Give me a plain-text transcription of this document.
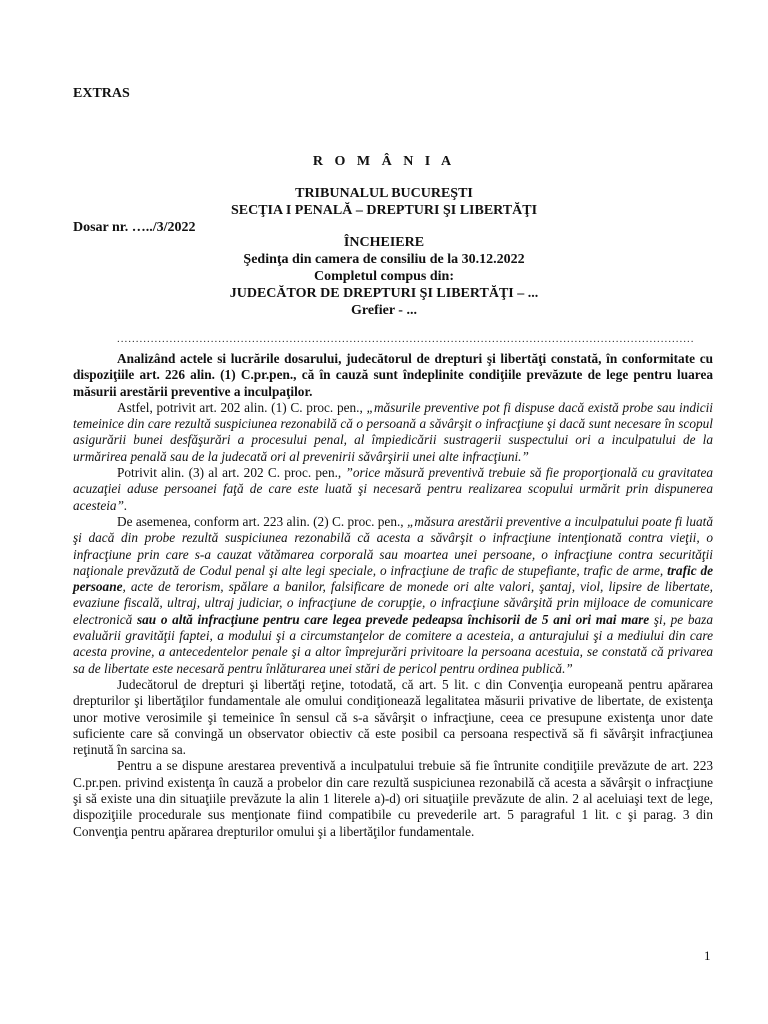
EXTRAS
R O M Â N I A
TRIBUNALUL BUCUREŞTI
SECŢIA I PENALĂ – DREPTURI ŞI LIBERTĂŢI
Dosar nr. …../3/2022
ÎNCHEIERE
Şedinţa din camera de consiliu de la 30.12.2022
Completul compus din:
JUDECĂTOR DE DREPTURI ŞI LIBERTĂŢI – ...
Grefier - ...
..........................................................................................................................................................

Analizând actele si lucrările dosarului, judecătorul de drepturi şi libertăţi constată, în conformitate cu dispoziţiile art. 226 alin. (1) C.pr.pen., că în cauză sunt îndeplinite condiţiile prevăzute de lege pentru luarea măsurii arestării preventive a inculpaţilor.

Astfel, potrivit art. 202 alin. (1) C. proc. pen., „măsurile preventive pot fi dispuse dacă există probe sau indicii temeinice din care rezultă suspiciunea rezonabilă că o persoană a săvârşit o infracţiune şi dacă sunt necesare în scopul asigurării bunei desfăşurări a procesului penal, al împiedicării sustragerii suspectului ori a inculpatului de la urmărirea penală sau de la judecată ori al prevenirii săvârşirii unei alte infracţiuni.”

Potrivit alin. (3) al art. 202 C. proc. pen., ”orice măsură preventivă trebuie să fie proporţională cu gravitatea acuzaţiei aduse persoanei faţă de care este luată şi necesară pentru realizarea scopului urmărit prin dispunerea acesteia”.

De asemenea, conform art. 223 alin. (2) C. proc. pen., „măsura arestării preventive a inculpatului poate fi luată şi dacă din probe rezultă suspiciunea rezonabilă că acesta a săvârşit o infracţiune intenţionată contra vieţii, o infracţiune prin care s-a cauzat vătămarea corporală sau moartea unei persoane, o infracţiune contra securităţii naţionale prevăzută de Codul penal şi alte legi speciale, o infracţiune de trafic de stupefiante, trafic de arme, trafic de persoane, acte de terorism, spălare a banilor, falsificare de monede ori alte valori, şantaj, viol, lipsire de libertate, evaziune fiscală, ultraj, ultraj judiciar, o infracţiune de corupţie, o infracţiune săvârşită prin mijloace de comunicare electronică sau o altă infracţiune pentru care legea prevede pedeapsa închisorii de 5 ani ori mai mare şi, pe baza evaluării gravităţii faptei, a modului şi a circumstanţelor de comitere a acesteia, a anturajului şi a mediului din care acesta provine, a antecedentelor penale şi a altor împrejurări privitoare la persoana acestuia, se constată că privarea sa de libertate este necesară pentru înlăturarea unei stări de pericol pentru ordinea publică.”

Judecătorul de drepturi şi libertăţi reţine, totodată, că art. 5 lit. c din Convenţia europeană pentru apărarea drepturilor şi libertăţilor fundamentale ale omului condiţionează legalitatea măsurii privative de libertate, de existenţa unor motive verosimile şi temeinice în sensul că s-a săvârşit o infracţiune, ceea ce presupune existenţa unor date suficiente care să convingă un observator obiectiv că este posibil ca persoana respectivă să fi săvârşit infracţiunea reţinută în sarcina sa.

Pentru a se dispune arestarea preventivă a inculpatului trebuie să fie întrunite condiţiile prevăzute de art. 223 C.pr.pen. privind existenţa în cauză a probelor din care rezultă suspiciunea rezonabilă că acesta a săvârşit o infracţiune şi să existe una din situaţiile prevăzute la alin 1 literele a)-d) ori situaţiile prevăzute de alin. 2 al aceluiaşi text de lege, dispoziţiile procedurale sus menţionate fiind compatibile cu prevederile art. 5 paragraful 1 lit. c şi parag. 3 din Convenţia pentru apărarea drepturilor omului şi a libertăţilor fundamentale.

1
